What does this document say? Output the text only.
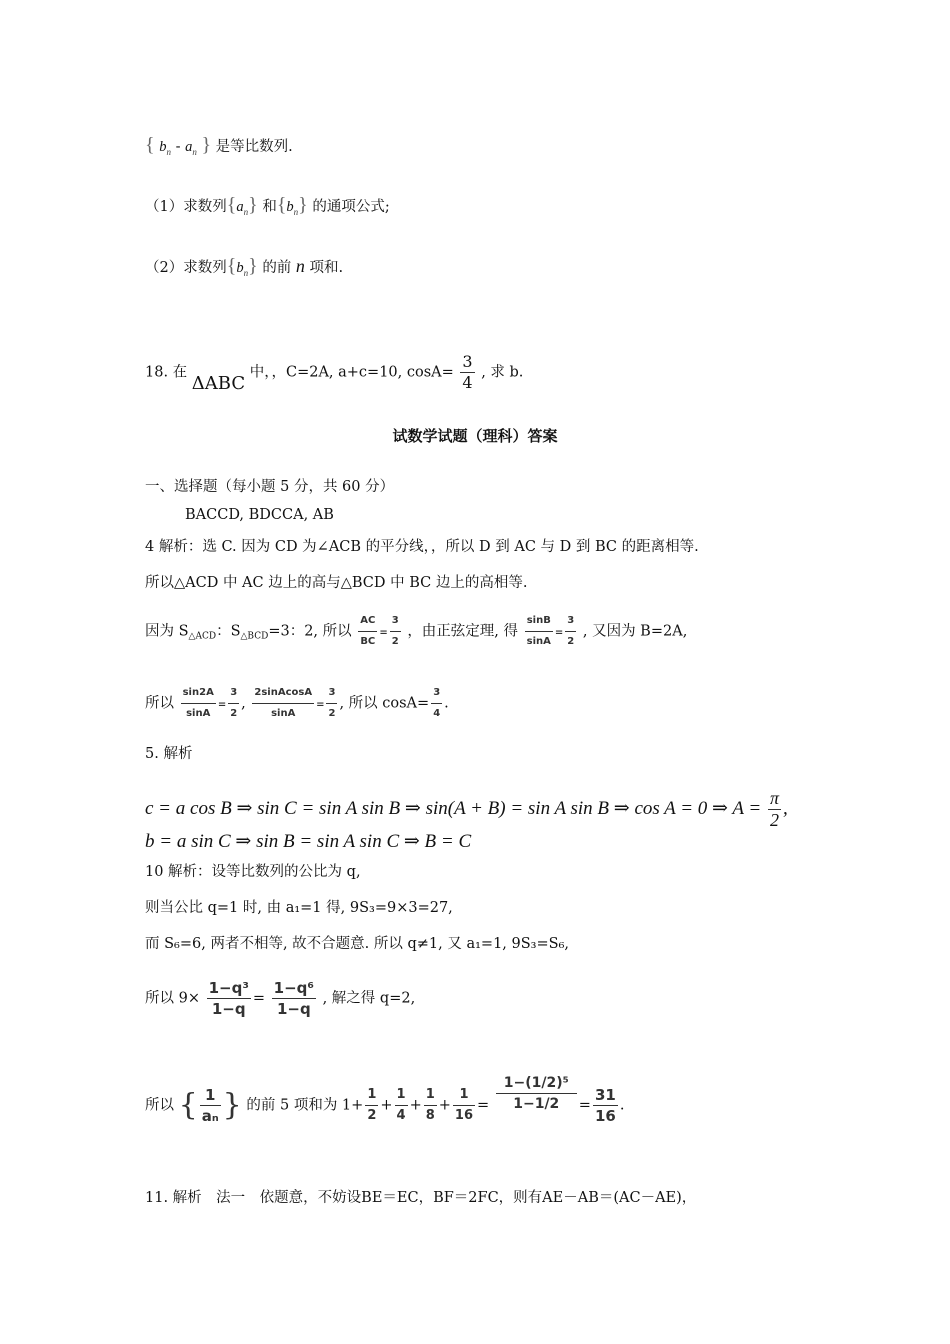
{ $b_n - a_n$ } 是等比数列.
（1）求数列$\{a_n\}$ 和$\{b_n\}$ 的通项公式;
（2）求数列$\{b_n\}$ 的前 n 项和.
18. 在 ΔABC 中，，C=2A, a+c=10, $\cos A= \frac{3}{4}$ , 求 b.
试数学试题（理科）答案
一、选择题（每小题 5 分，共 60 分）
BACCD, BDCCA, AB
4 解析：选 C. 因为 CD 为∠ACB 的平分线，，所以 D 到 AC 与 D 到 BC 的距离相等.
所以△ACD 中 AC 边上的高与△BCD 中 BC 边上的高相等.
因为 $S_{\triangle ACD}$：$S_{\triangle BCD}=3$：2, 所以 $\frac{AC}{BC} = \frac{3}{2}$ ，由正弦定理, 得 $\frac{\sin B}{\sin A} = \frac{3}{2}$ , 又因为 B=2A,
所以 $\frac{\sin 2A}{\sin A} = \frac{3}{2}$ , $\frac{\text{2sinAcosA}}{\sin A} = \frac{3}{2}$ , 所以 $\cos A= \frac{3}{4}$ .
5. 解析
c = a cos B ⇒ sin C = sin A sin B ⇒ sin(A + B) = sin A sin B ⇒ cos A = 0 ⇒ $A = \frac{\pi}{2}$ ,
b = a sin C ⇒ sin B = sin A sin C ⇒ B = C
10 解析：设等比数列的公比为 q,
则当公比 q=1 时, 由 a₁=1 得, 9S₃=9×3=27,
而 S₆=6, 两者不相等, 故不合题意. 所以 q≠1, 又 a₁=1, 9S₃=S₆,
所以 $9\times \frac{\text{1−q³}}{1-q} = \frac{\text{1−q⁶}}{1-q}$ , 解之得 q=2,
所以 { $\frac{1}{\text{aₙ}}$ } 的前 5 项和为 $1+ \frac{1}{2} + \frac{1}{4} + \frac{1}{8} + \frac{1}{16} = \frac{\text{1−(1/2)⁵}}{1-1/2} = \frac{31}{16}$ .
11. 解析　法一　依题意，不妨设BE＝EC，BF＝2FC，则有AE－AB＝(AC－AE)，
